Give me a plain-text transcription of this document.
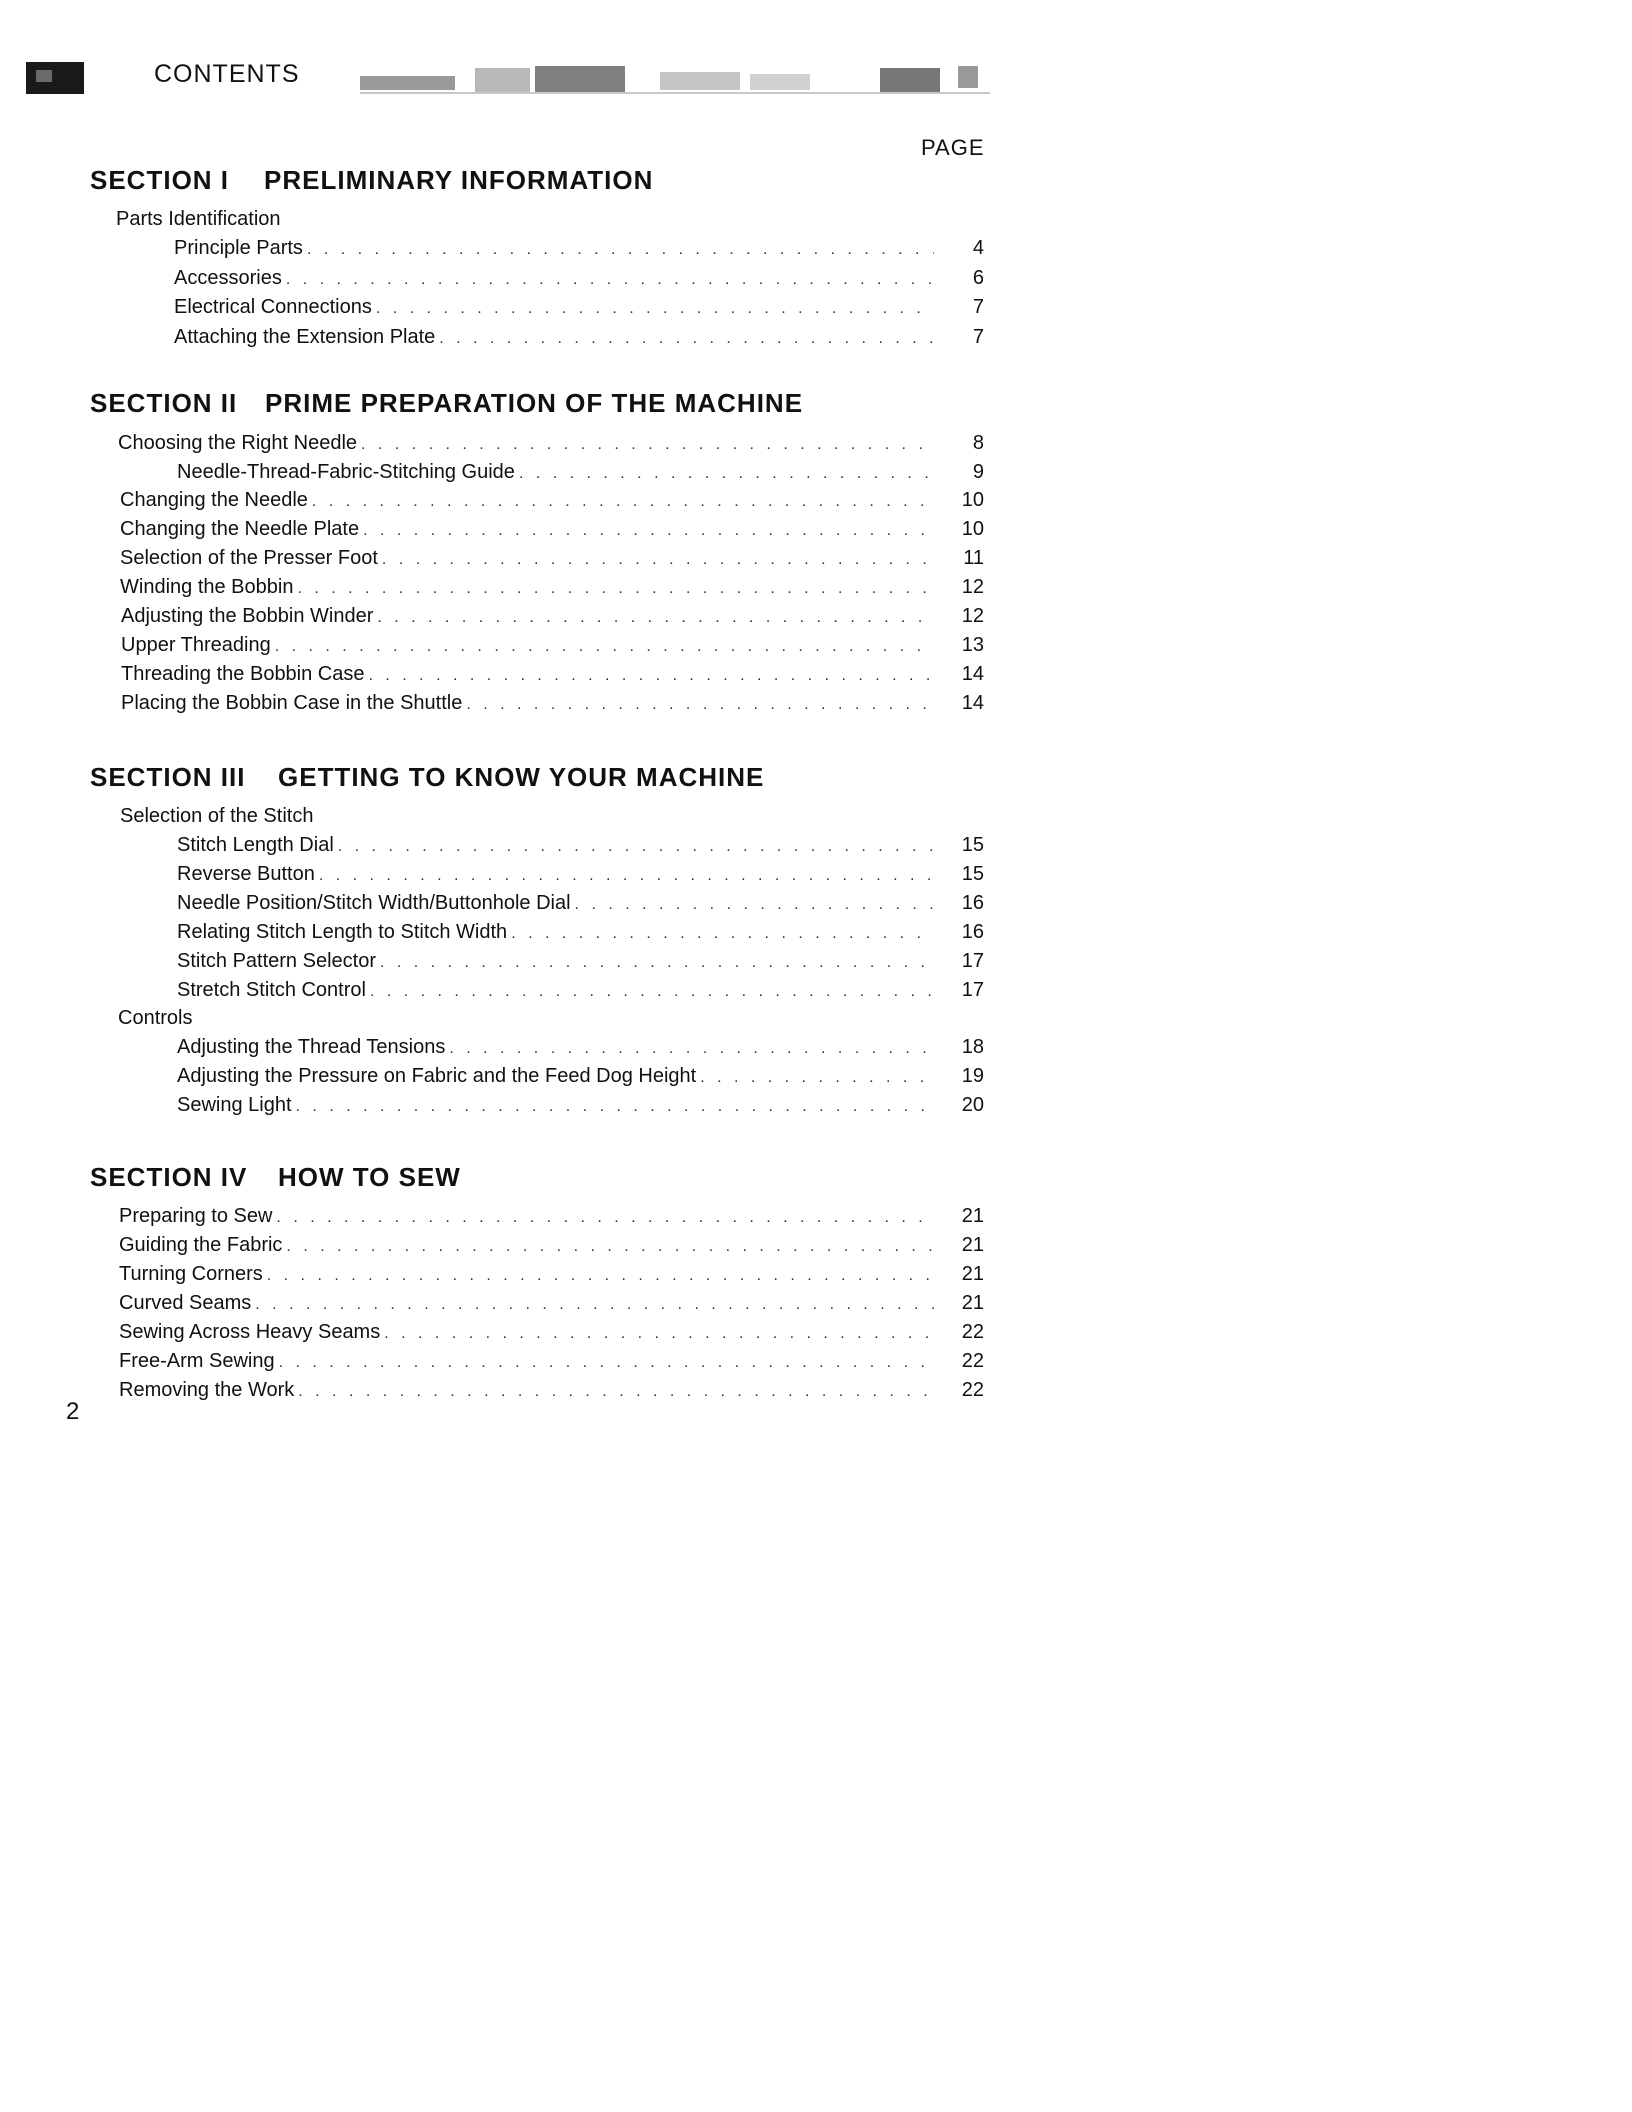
CONTENTS
PAGE
SECTION I PRELIMINARY INFORMATION
Parts Identification
Principle Parts . . .	4
Accessories . . .	6
Electrical Connections . . .	7
Attaching the Extension Plate . . .	7
SECTION II PRIME PREPARATION OF THE MACHINE
Choosing the Right Needle . . .	8
Needle-Thread-Fabric-Stitching Guide . . .	9
Changing the Needle . . .	10
Changing the Needle Plate . . .	10
Selection of the Presser Foot . . .	11
Winding the Bobbin . . .	12
Adjusting the Bobbin Winder . . .	12
Upper Threading . . .	13
Threading the Bobbin Case . . .	14
Placing the Bobbin Case in the Shuttle . . .	14
SECTION III GETTING TO KNOW YOUR MACHINE
Selection of the Stitch
Stitch Length Dial . . .	15
Reverse Button . . .	15
Needle Position/Stitch Width/Buttonhole Dial . . .	16
Relating Stitch Length to Stitch Width . . .	16
Stitch Pattern Selector . . .	17
Stretch Stitch Control . . .	17
Controls
Adjusting the Thread Tensions . . .	18
Adjusting the Pressure on Fabric and the Feed Dog Height . . .	19
Sewing Light . . .	20
SECTION IV HOW TO SEW
Preparing to Sew . . .	21
Guiding the Fabric . . .	21
Turning Corners . . .	21
Curved Seams . . .	21
Sewing Across Heavy Seams . . .	22
Free-Arm Sewing . . .	22
Removing the Work . . .	22
2
